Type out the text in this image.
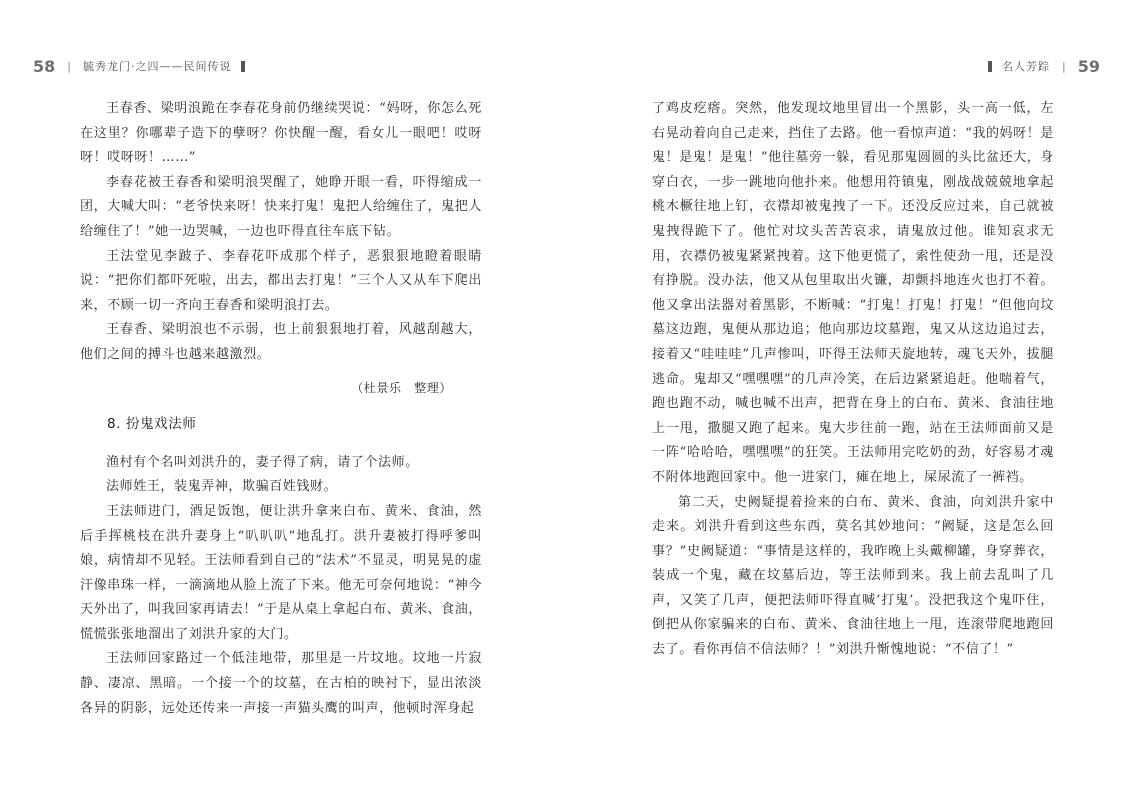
58 | 毓秀龙门·之四——民间传说

王春香、梁明浪跪在李春花身前仍继续哭说：“妈呀，你怎么死在这里？你哪辈子造下的孽呀？你快醒一醒，看女儿一眼吧！哎呀呀！哎呀呀！……”

李春花被王春香和梁明浪哭醒了，她睁开眼一看，吓得缩成一团，大喊大叫：“老爷快来呀！快来打鬼！鬼把人给缠住了，鬼把人给缠住了！”她一边哭喊，一边也吓得直往车底下钻。

王法堂见李跛子、李春花吓成那个样子，恶狠狠地瞪着眼睛说：“把你们都吓死啦，出去，都出去打鬼！”三个人又从车下爬出来，不顾一切一齐向王春香和梁明浪打去。

王春香、梁明浪也不示弱，也上前狠狠地打着，风越刮越大，他们之间的搏斗也越来越激烈。

（杜景乐　整理）

8. 扮鬼戏法师

渔村有个名叫刘洪升的，妻子得了病，请了个法师。

法师姓王，装鬼弄神，欺骗百姓钱财。

王法师进门，酒足饭饱，便让洪升拿来白布、黄米、食油，然后手挥桃枝在洪升妻身上“叭叭叭”地乱打。洪升妻被打得呼爹叫娘，病情却不见轻。王法师看到自己的“法术”不显灵，明晃晃的虚汗像串珠一样，一滴滴地从脸上流了下来。他无可奈何地说：“神今天外出了，叫我回家再请去！”于是从桌上拿起白布、黄米、食油，慌慌张张地溜出了刘洪升家的大门。

王法师回家路过一个低洼地带，那里是一片坟地。坟地一片寂静、凄凉、黑暗。一个接一个的坟墓，在古柏的映衬下，显出浓淡各异的阴影，远处还传来一声接一声猫头鹰的叫声，他顿时浑身起

名人芳踪 | 59

了鸡皮疙瘩。突然，他发现坟地里冒出一个黑影，头一高一低，左右晃动着向自己走来，挡住了去路。他一看惊声道：“我的妈呀！是鬼！是鬼！是鬼！”他往墓旁一躲，看见那鬼圆圆的头比盆还大，身穿白衣，一步一跳地向他扑来。他想用符镇鬼，刚战战兢兢地拿起桃木橛往地上钉，衣襟却被鬼拽了一下。还没反应过来，自己就被鬼拽得跪下了。他忙对坟头苦苦哀求，请鬼放过他。谁知哀求无用，衣襟仍被鬼紧紧拽着。这下他更慌了，索性使劲一甩，还是没有挣脱。没办法，他又从包里取出火镰，却颤抖地连火也打不着。他又拿出法器对着黑影，不断喊：“打鬼！打鬼！打鬼！”但他向坟墓这边跑，鬼便从那边追；他向那边坟墓跑，鬼又从这边追过去，接着又“哇哇哇”几声惨叫，吓得王法师天旋地转，魂飞天外，拔腿逃命。鬼却又“嘿嘿嘿”的几声冷笑，在后边紧紧追赶。他喘着气，跑也跑不动，喊也喊不出声，把背在身上的白布、黄米、食油往地上一甩，撒腿又跑了起来。鬼大步往前一跑，站在王法师面前又是一阵“哈哈哈，嘿嘿嘿”的狂笑。王法师用完吃奶的劲，好容易才魂不附体地跑回家中。他一进家门，瘫在地上，屎尿流了一裤裆。

第二天，史阙疑提着捡来的白布、黄米、食油，向刘洪升家中走来。刘洪升看到这些东西，莫名其妙地问：“阙疑，这是怎么回事？”史阙疑道：“事情是这样的，我昨晚上头戴柳罐，身穿葬衣，装成一个鬼，藏在坟墓后边，等王法师到来。我上前去乱叫了几声，又笑了几声，便把法师吓得直喊‘打鬼’。没把我这个鬼吓住，倒把从你家骗来的白布、黄米、食油往地上一甩，连滚带爬地跑回去了。看你再信不信法师？！”刘洪升惭愧地说：“不信了！”
